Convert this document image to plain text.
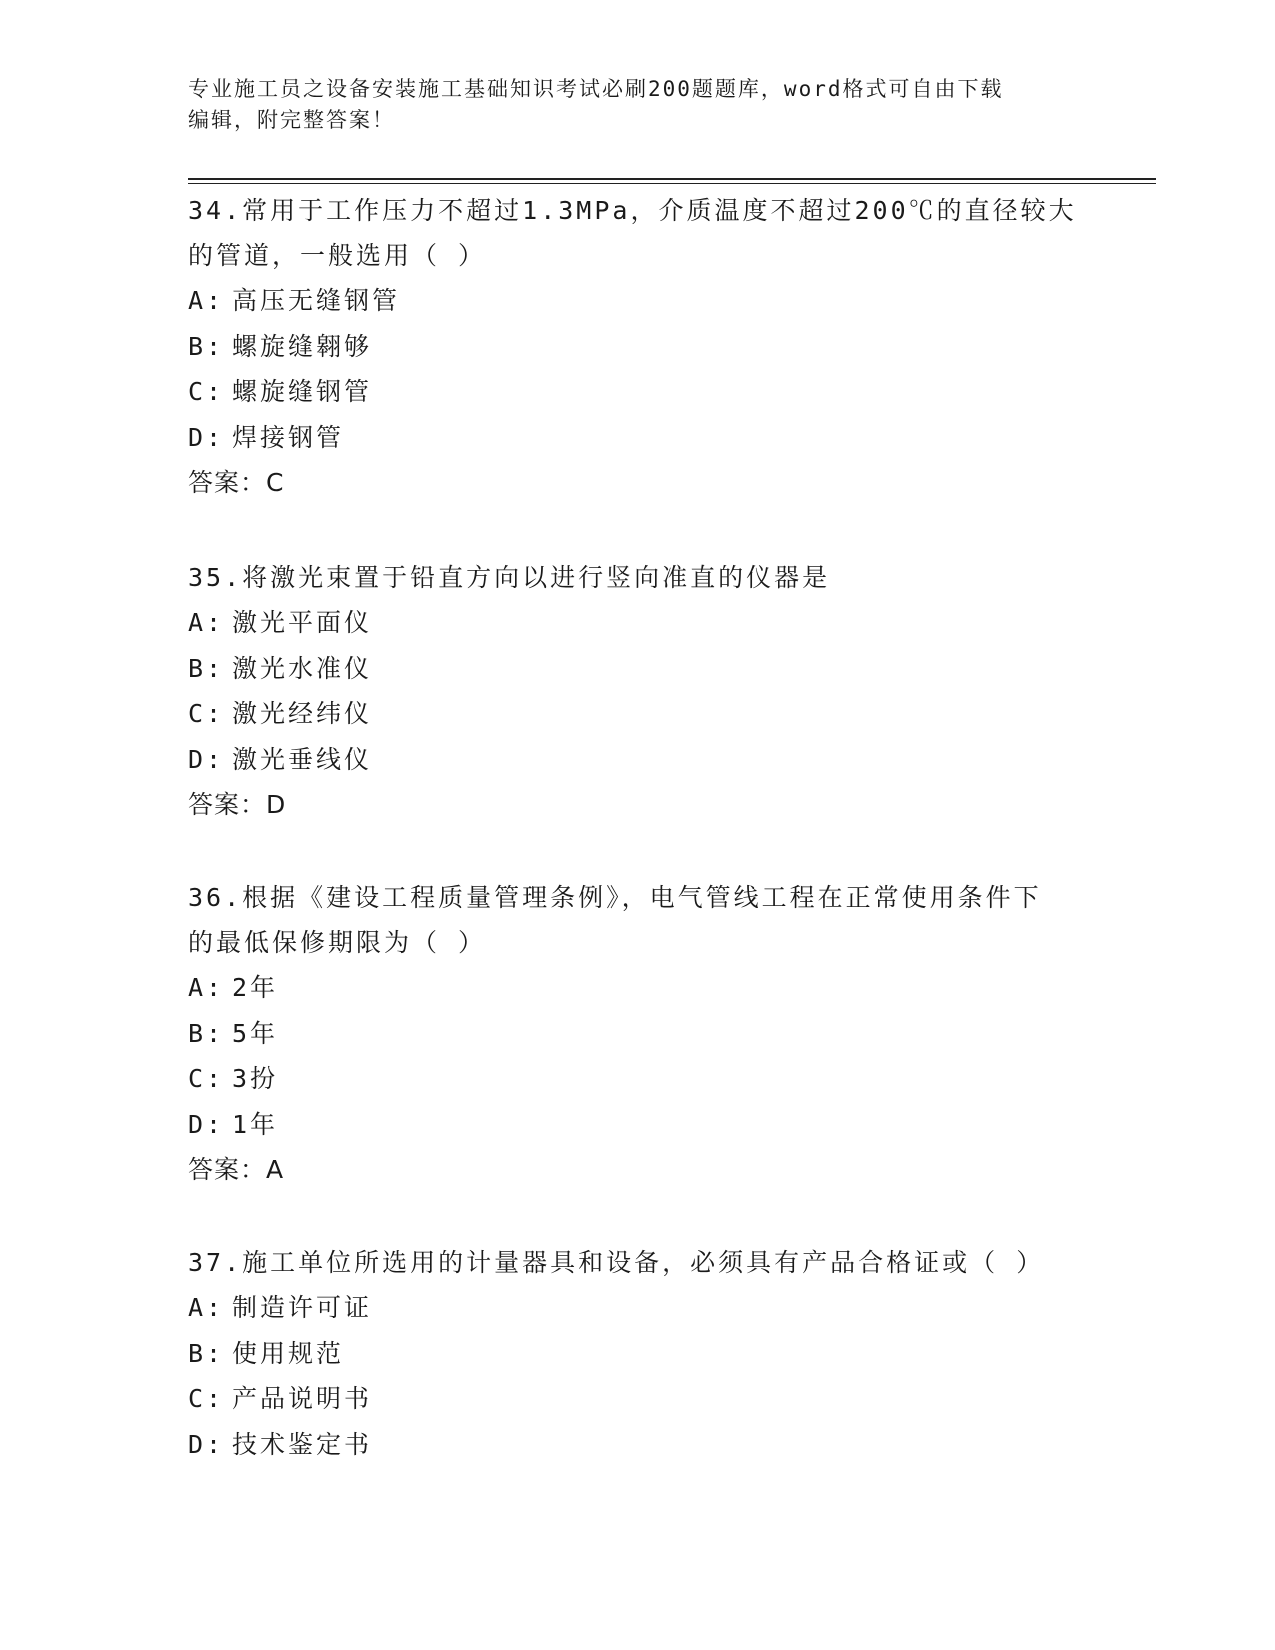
专业施工员之设备安装施工基础知识考试必刷200题题库，word格式可自由下载
编辑，附完整答案！
34.常用于工作压力不超过1.3MPa，介质温度不超过200℃的直径较大
的管道，一般选用（ ）
A: 高压无缝钢管
B: 螺旋缝翱够
C: 螺旋缝钢管
D: 焊接钢管
答案：C
35.将激光束置于铅直方向以进行竖向准直的仪器是
A: 激光平面仪
B: 激光水准仪
C: 激光经纬仪
D: 激光垂线仪
答案：D
36.根据《建设工程质量管理条例》，电气管线工程在正常使用条件下
的最低保修期限为（ ）
A: 2年
B: 5年
C: 3扮
D: 1年
答案：A
37.施工单位所选用的计量器具和设备，必须具有产品合格证或（ ）
A: 制造许可证
B: 使用规范
C: 产品说明书
D: 技术鉴定书
